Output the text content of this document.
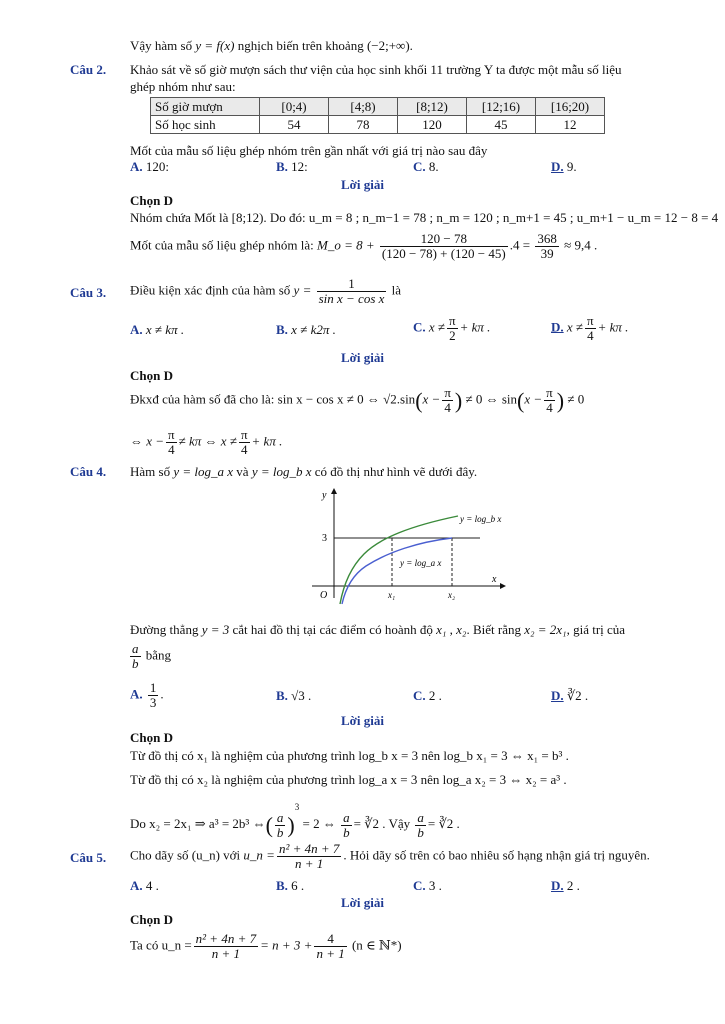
Vậy hàm số y = f(x) nghịch biến trên khoảng (−2;+∞).
Câu 2. Khảo sát về số giờ mượn sách thư viện của học sinh khối 11 trường Y ta được một mẫu số liệu
ghép nhóm như sau:
Số giờ mượn	[0;4)	[4;8)	[8;12)	[12;16)	[16;20)
Số học sinh	54	78	120	45	12
Mốt của mẫu số liệu ghép nhóm trên gần nhất với giá trị nào sau đây
A. 120:	B. 12:	C. 8.	D. 9.
Lời giải
Chọn D
Nhóm chứa Mốt là [8;12). Do đó: u_m = 8 ; n_m−1 = 78 ; n_m = 120 ; n_m+1 = 45 ; u_m+1 − u_m = 12 − 8 = 4
Mốt của mẫu số liệu ghép nhóm là: M_o = $8 + \frac{120 - 78}{(120 - 78) + (120 - 45)} .4 = \frac{368}{39} \approx 9,4$ .
Câu 3. Điều kiện xác định của hàm số $y = \frac{1}{\text{sin x − cos x}}$ là
A. x ≠ kπ .	B. x ≠ k2π .	C. $x \ne \frac{\pi}{2} + k\pi$ .	D. $x \ne \frac{\pi}{4} + k\pi$ .
Lời giải
Chọn D
Đkxđ của hàm số đã cho là: sin x − cos x ≠ 0 ⇔ $√2.\sin(x - \frac{\pi}{4}$ ) ≠ 0 ⇔ $\sin(x - \frac{\pi}{4}$ ) ≠ 0
⇔ $x - \frac{\pi}{4} \ne k\pi$ ⇔ $x \ne \frac{\pi}{4} + k\pi$ .
Câu 4. Hàm số y = log_a x và y = log_b x có đồ thị như hình vẽ dưới đây.
y
x
O
3
x₁	x₂
y = log_b x
y = log_a x
Đường thẳng y = 3 cắt hai đồ thị tại các điểm có hoành độ x₁ , x₂. Biết rằng x₂ = 2x₁, giá trị của
$\frac{a}{b}$ bằng
A. $\frac{1}{3}$ .	B. √3 .	C. 2 .	D. ∛2 .
Lời giải
Chọn D
Từ đồ thị có x₁ là nghiệm của phương trình log_b x = 3 nên log_b x₁ = 3 ⇔ x₁ = b³ .
Từ đồ thị có x₂ là nghiệm của phương trình log_a x = 3 nên log_a x₂ = 3 ⇔ x₂ = a³ .
Do x₂ = 2x₁ ⇒ a³ = 2b³ ⇔( $\frac{a}{b} )^3 = 2$ ⇔ $\frac{a}{b}$ = ∛2 . Vậy $\frac{a}{b}$ = ∛2 .
Câu 5. Cho dãy số (u_n) với u_n = $\frac{\text{n² + 4n + 7}}{n + 1}$ . Hỏi dãy số trên có bao nhiêu số hạng nhận giá trị nguyên.
A. 4 .	B. 6 .	C. 3 .	D. 2 .
Lời giải
Chọn D
Ta có u_n = $\frac{\text{n² + 4n + 7}}{n + 1} = n + 3 + \frac{4}{n + 1} (n$ ∈ ℕ*)
